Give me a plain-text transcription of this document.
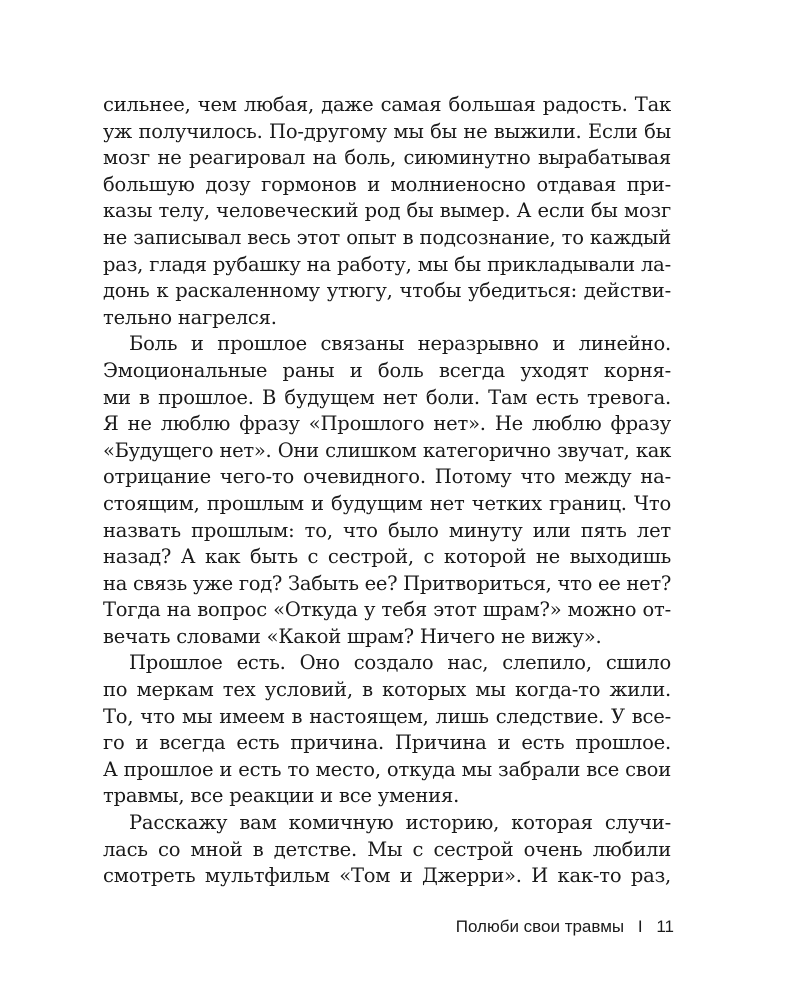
сильнее, чем любая, даже самая большая радость. Так
уж получилось. По-другому мы бы не выжили. Если бы
мозг не реагировал на боль, сиюминутно вырабатывая
большую дозу гормонов и молниеносно отдавая при-
казы телу, человеческий род бы вымер. А если бы мозг
не записывал весь этот опыт в подсознание, то каждый
раз, гладя рубашку на работу, мы бы прикладывали ла-
донь к раскаленному утюгу, чтобы убедиться: действи-
тельно нагрелся.
Боль и прошлое связаны неразрывно и линейно.
Эмоциональные раны и боль всегда уходят корня-
ми в прошлое. В будущем нет боли. Там есть тревога.
Я не люблю фразу «Прошлого нет». Не люблю фразу
«Будущего нет». Они слишком категорично звучат, как
отрицание чего-то очевидного. Потому что между на-
стоящим, прошлым и будущим нет четких границ. Что
назвать прошлым: то, что было минуту или пять лет
назад? А как быть с сестрой, с которой не выходишь
на связь уже год? Забыть ее? Притвориться, что ее нет?
Тогда на вопрос «Откуда у тебя этот шрам?» можно от-
вечать словами «Какой шрам? Ничего не вижу».
Прошлое есть. Оно создало нас, слепило, сшило
по меркам тех условий, в которых мы когда-то жили.
То, что мы имеем в настоящем, лишь следствие. У все-
го и всегда есть причина. Причина и есть прошлое.
А прошлое и есть то место, откуда мы забрали все свои
травмы, все реакции и все умения.
Расскажу вам комичную историю, которая случи-
лась со мной в детстве. Мы с сестрой очень любили
смотреть мультфильм «Том и Джерри». И как-то раз,
Полюби свои травмы I 11
